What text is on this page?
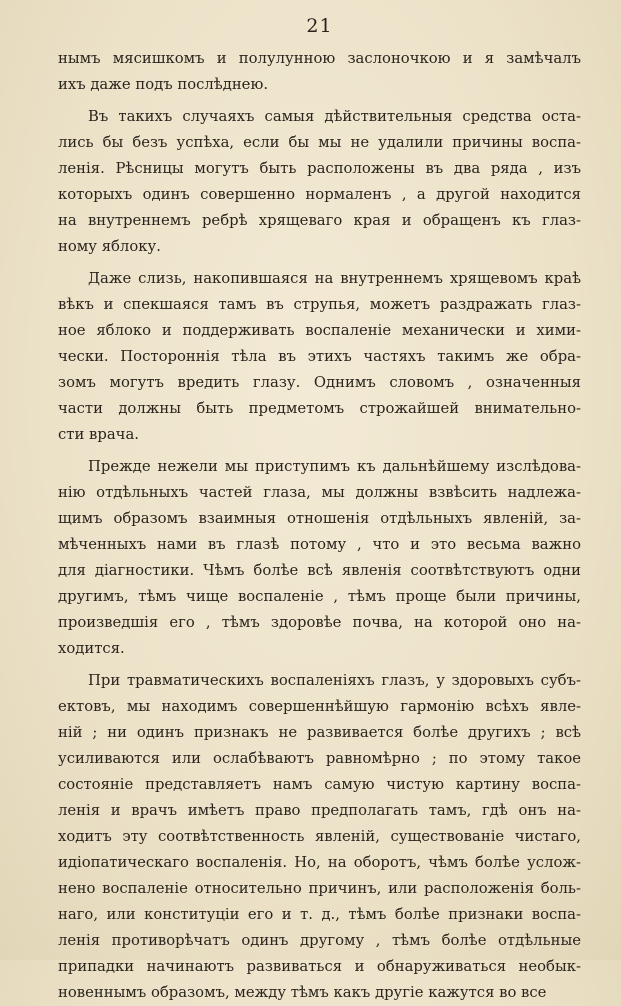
21
нымъ мясишкомъ и полулунною заслоночкою и я замѣчалъ
ихъ даже подъ послѣднею.
Въ такихъ случаяхъ самыя дѣйствительныя средства оста-
лись бы безъ успѣха, если бы мы не удалили причины воспа-
ленія. Рѣсницы могутъ быть расположены въ два ряда , изъ
которыхъ одинъ совершенно нормаленъ , а другой находится
на внутреннемъ ребрѣ хрящеваго края и обращенъ къ глаз-
ному яблоку.
Даже слизь, накопившаяся на внутреннемъ хрящевомъ краѣ
вѣкъ и спекшаяся тамъ въ струпья, можетъ раздражать глаз-
ное яблоко и поддерживать воспаленіе механически и хими-
чески. Постороннія тѣла въ этихъ частяхъ такимъ же обра-
зомъ могутъ вредить глазу. Однимъ словомъ , означенныя
части должны быть предметомъ строжайшей внимательно-
сти врача.
Прежде нежели мы приступимъ къ дальнѣйшему изслѣдова-
нію отдѣльныхъ частей глаза, мы должны взвѣсить надлежа-
щимъ образомъ взаимныя отношенія отдѣльныхъ явленій, за-
мѣченныхъ нами въ глазѣ потому , что и это весьма важно
для діагностики. Чѣмъ болѣе всѣ явленія соотвѣтствуютъ одни
другимъ, тѣмъ чище воспаленіе , тѣмъ проще были причины,
произведшія его , тѣмъ здоровѣе почва, на которой оно на-
ходится.
При травматическихъ воспаленіяхъ глазъ, у здоровыхъ субъ-
ектовъ, мы находимъ совершеннѣйшую гармонію всѣхъ явле-
ній ; ни одинъ признакъ не развивается болѣе другихъ ; всѣ
усиливаются или ослабѣваютъ равномѣрно ; по этому такое
состояніе представляетъ намъ самую чистую картину воспа-
ленія и врачъ имѣетъ право предполагать тамъ, гдѣ онъ на-
ходитъ эту соотвѣтственность явленій, существованіе чистаго,
идіопатическаго воспаленія. Но, на оборотъ, чѣмъ болѣе услож-
нено воспаленіе относительно причинъ, или расположенія боль-
наго, или конституціи его и т. д., тѣмъ болѣе признаки воспа-
ленія противорѣчатъ одинъ другому , тѣмъ болѣе отдѣльные
припадки начинаютъ развиваться и обнаруживаться необык-
новеннымъ образомъ, между тѣмъ какъ другіе кажутся во все
